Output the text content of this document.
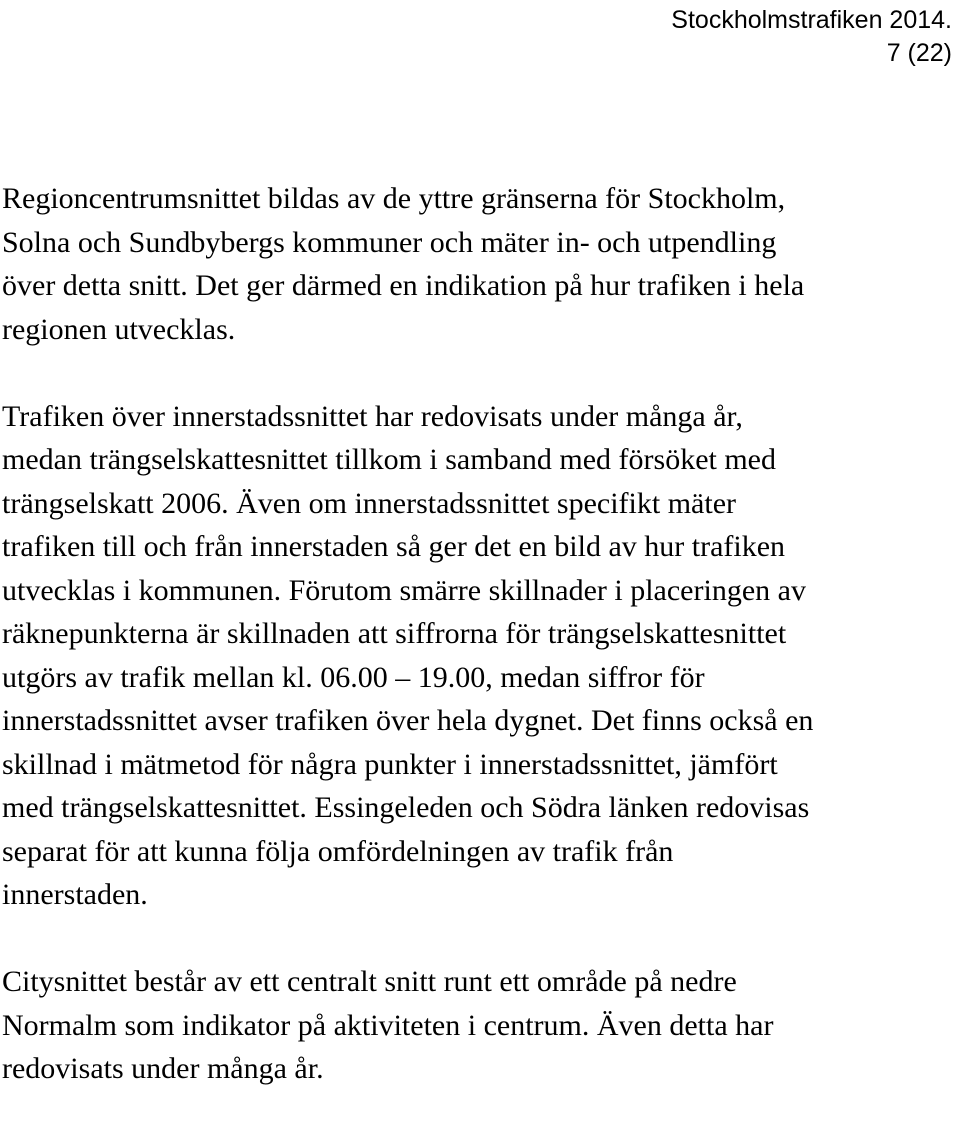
Stockholmstrafiken 2014.
7 (22)

Regioncentrumsnittet bildas av de yttre gränserna för Stockholm,
Solna och Sundbybergs kommuner och mäter in- och utpendling
över detta snitt. Det ger därmed en indikation på hur trafiken i hela
regionen utvecklas.

Trafiken över innerstadssnittet har redovisats under många år,
medan trängselskattesnittet tillkom i samband med försöket med
trängselskatt 2006. Även om innerstadssnittet specifikt mäter
trafiken till och från innerstaden så ger det en bild av hur trafiken
utvecklas i kommunen. Förutom smärre skillnader i placeringen av
räknepunkterna är skillnaden att siffrorna för trängselskattesnittet
utgörs av trafik mellan kl. 06.00 – 19.00, medan siffror för
innerstadssnittet avser trafiken över hela dygnet. Det finns också en
skillnad i mätmetod för några punkter i innerstadssnittet, jämfört
med trängselskattesnittet. Essingeleden och Södra länken redovisas
separat för att kunna följa omfördelningen av trafik från
innerstaden.

Citysnittet består av ett centralt snitt runt ett område på nedre
Normalm som indikator på aktiviteten i centrum. Även detta har
redovisats under många år.
